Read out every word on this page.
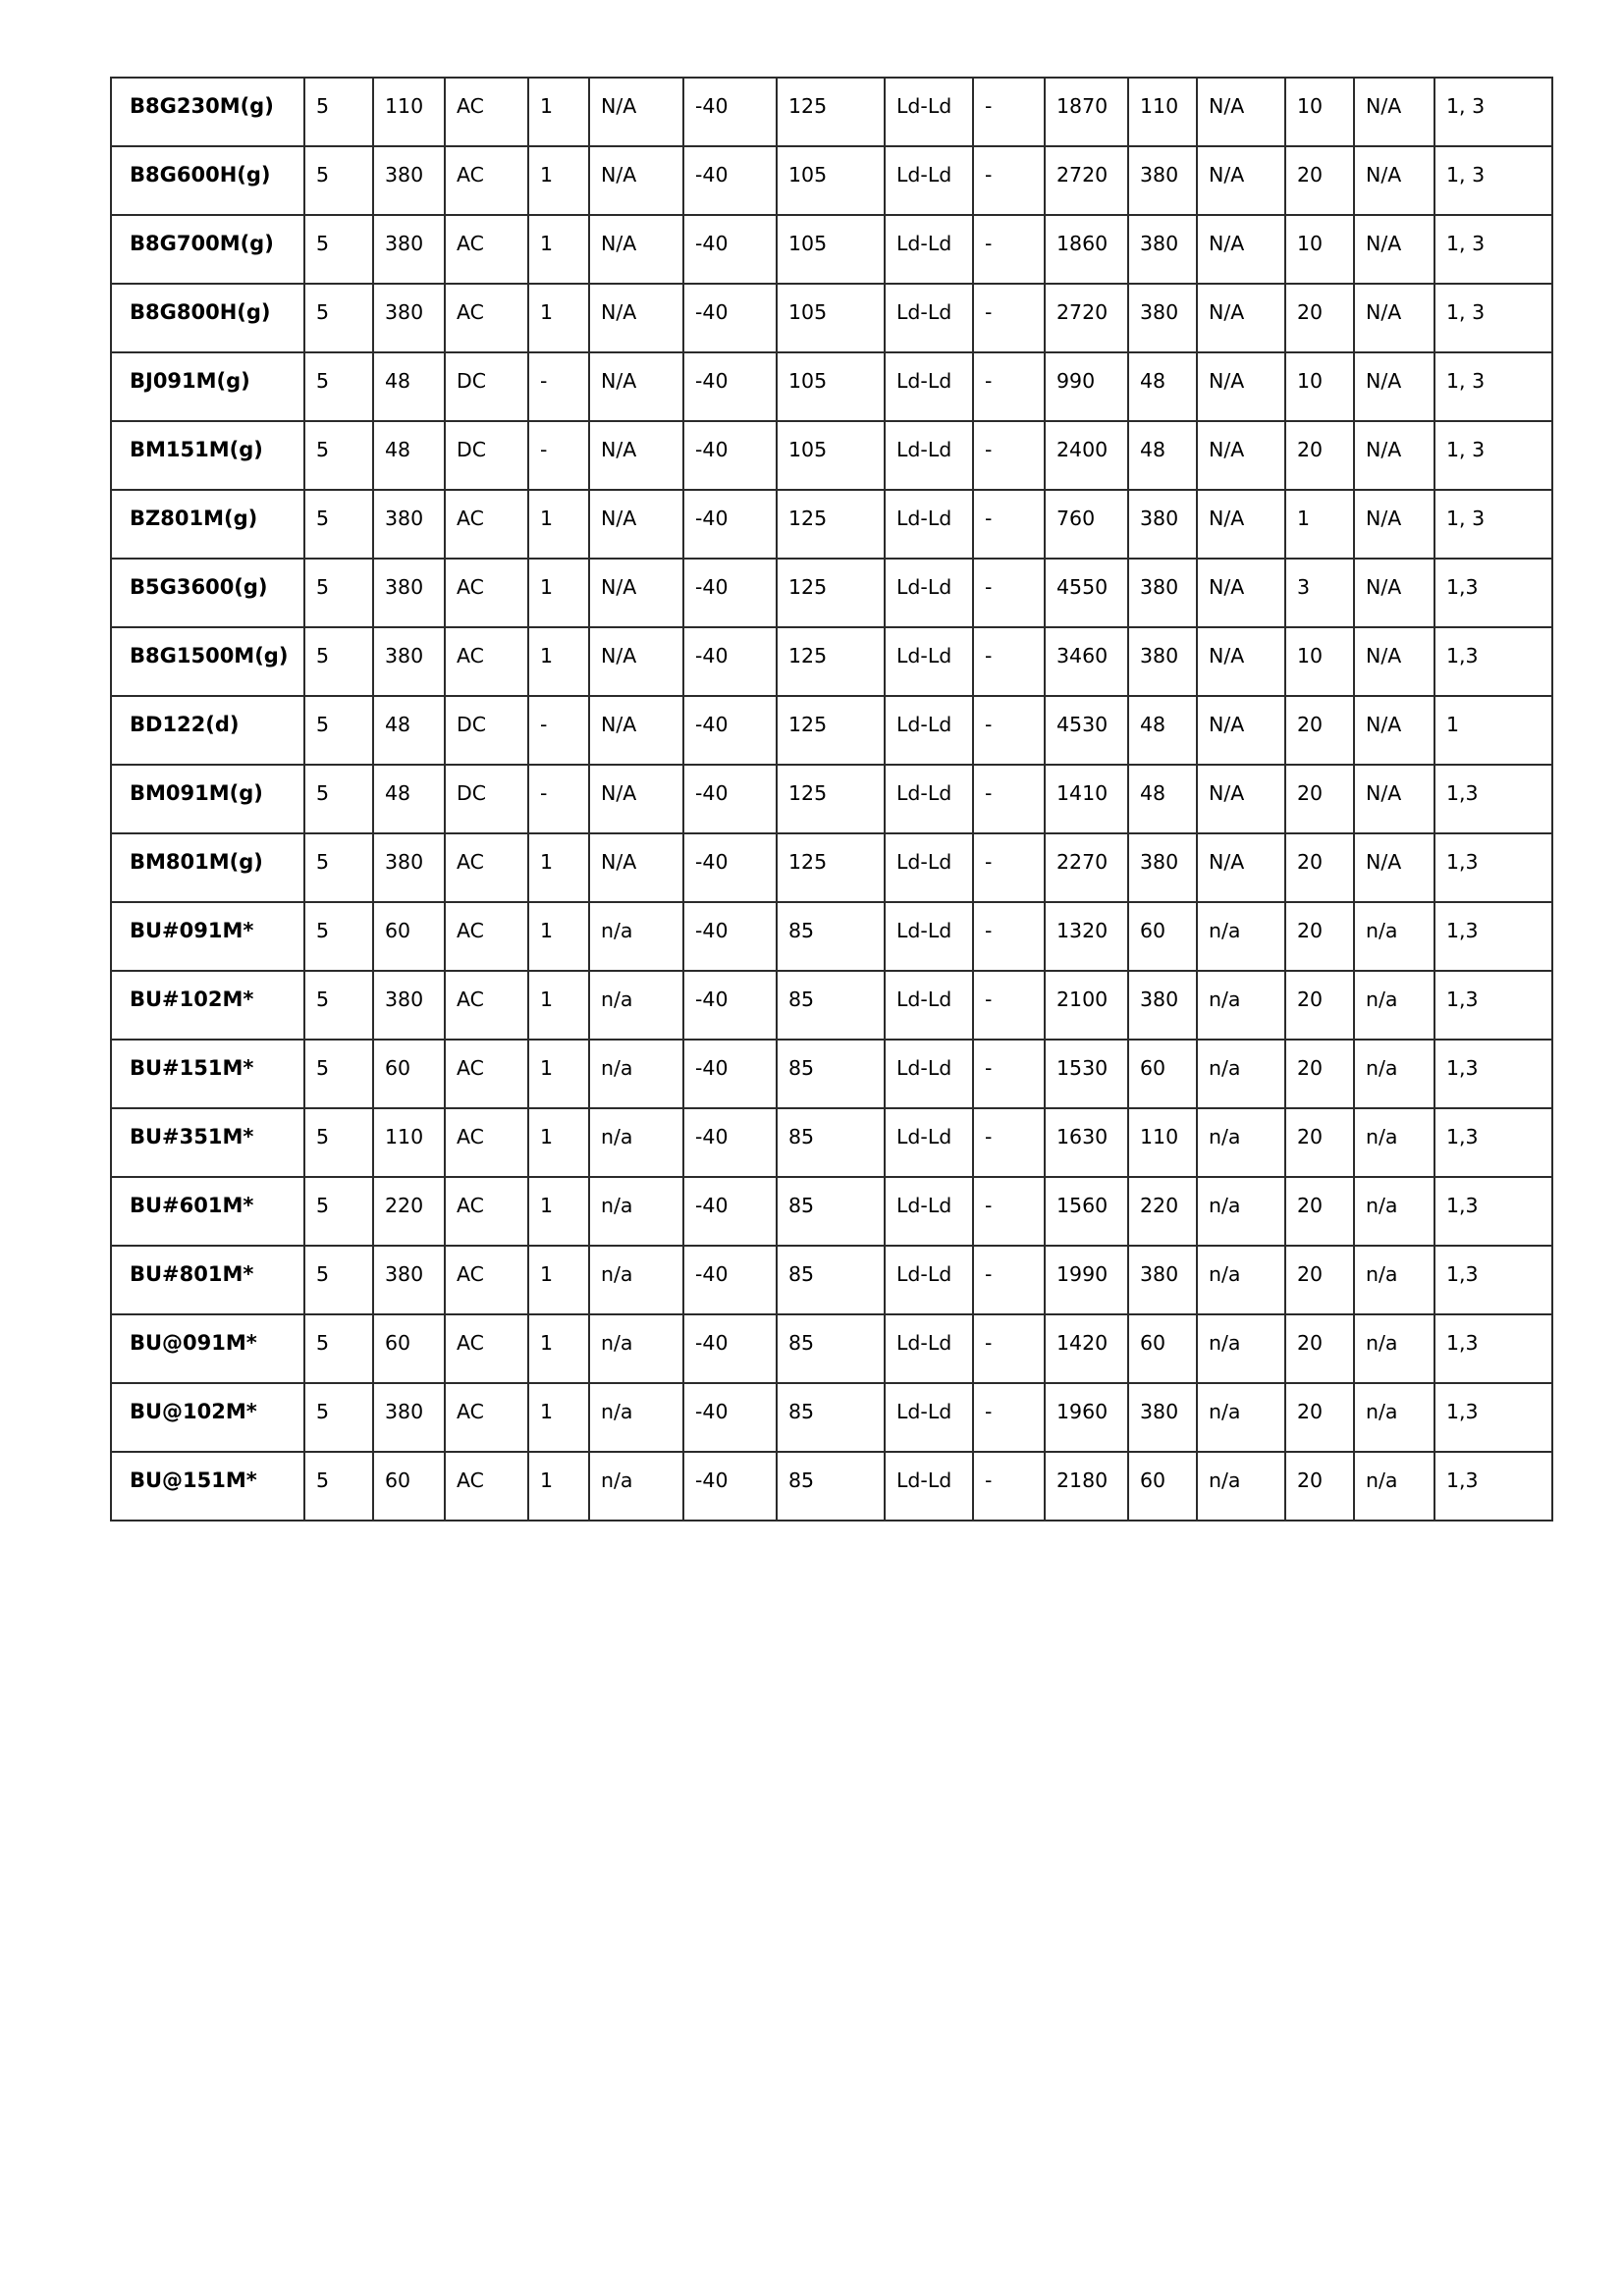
B8G230M(g)	5	110	AC	1	N/A	-40	125	Ld-Ld	-	1870	110	N/A	10	N/A	1, 3
B8G600H(g)	5	380	AC	1	N/A	-40	105	Ld-Ld	-	2720	380	N/A	20	N/A	1, 3
B8G700M(g)	5	380	AC	1	N/A	-40	105	Ld-Ld	-	1860	380	N/A	10	N/A	1, 3
B8G800H(g)	5	380	AC	1	N/A	-40	105	Ld-Ld	-	2720	380	N/A	20	N/A	1, 3
BJ091M(g)	5	48	DC	-	N/A	-40	105	Ld-Ld	-	990	48	N/A	10	N/A	1, 3
BM151M(g)	5	48	DC	-	N/A	-40	105	Ld-Ld	-	2400	48	N/A	20	N/A	1, 3
BZ801M(g)	5	380	AC	1	N/A	-40	125	Ld-Ld	-	760	380	N/A	1	N/A	1, 3
B5G3600(g)	5	380	AC	1	N/A	-40	125	Ld-Ld	-	4550	380	N/A	3	N/A	1,3
B8G1500M(g)	5	380	AC	1	N/A	-40	125	Ld-Ld	-	3460	380	N/A	10	N/A	1,3
BD122(d)	5	48	DC	-	N/A	-40	125	Ld-Ld	-	4530	48	N/A	20	N/A	1
BM091M(g)	5	48	DC	-	N/A	-40	125	Ld-Ld	-	1410	48	N/A	20	N/A	1,3
BM801M(g)	5	380	AC	1	N/A	-40	125	Ld-Ld	-	2270	380	N/A	20	N/A	1,3
BU#091M*	5	60	AC	1	n/a	-40	85	Ld-Ld	-	1320	60	n/a	20	n/a	1,3
BU#102M*	5	380	AC	1	n/a	-40	85	Ld-Ld	-	2100	380	n/a	20	n/a	1,3
BU#151M*	5	60	AC	1	n/a	-40	85	Ld-Ld	-	1530	60	n/a	20	n/a	1,3
BU#351M*	5	110	AC	1	n/a	-40	85	Ld-Ld	-	1630	110	n/a	20	n/a	1,3
BU#601M*	5	220	AC	1	n/a	-40	85	Ld-Ld	-	1560	220	n/a	20	n/a	1,3
BU#801M*	5	380	AC	1	n/a	-40	85	Ld-Ld	-	1990	380	n/a	20	n/a	1,3
BU@091M*	5	60	AC	1	n/a	-40	85	Ld-Ld	-	1420	60	n/a	20	n/a	1,3
BU@102M*	5	380	AC	1	n/a	-40	85	Ld-Ld	-	1960	380	n/a	20	n/a	1,3
BU@151M*	5	60	AC	1	n/a	-40	85	Ld-Ld	-	2180	60	n/a	20	n/a	1,3
